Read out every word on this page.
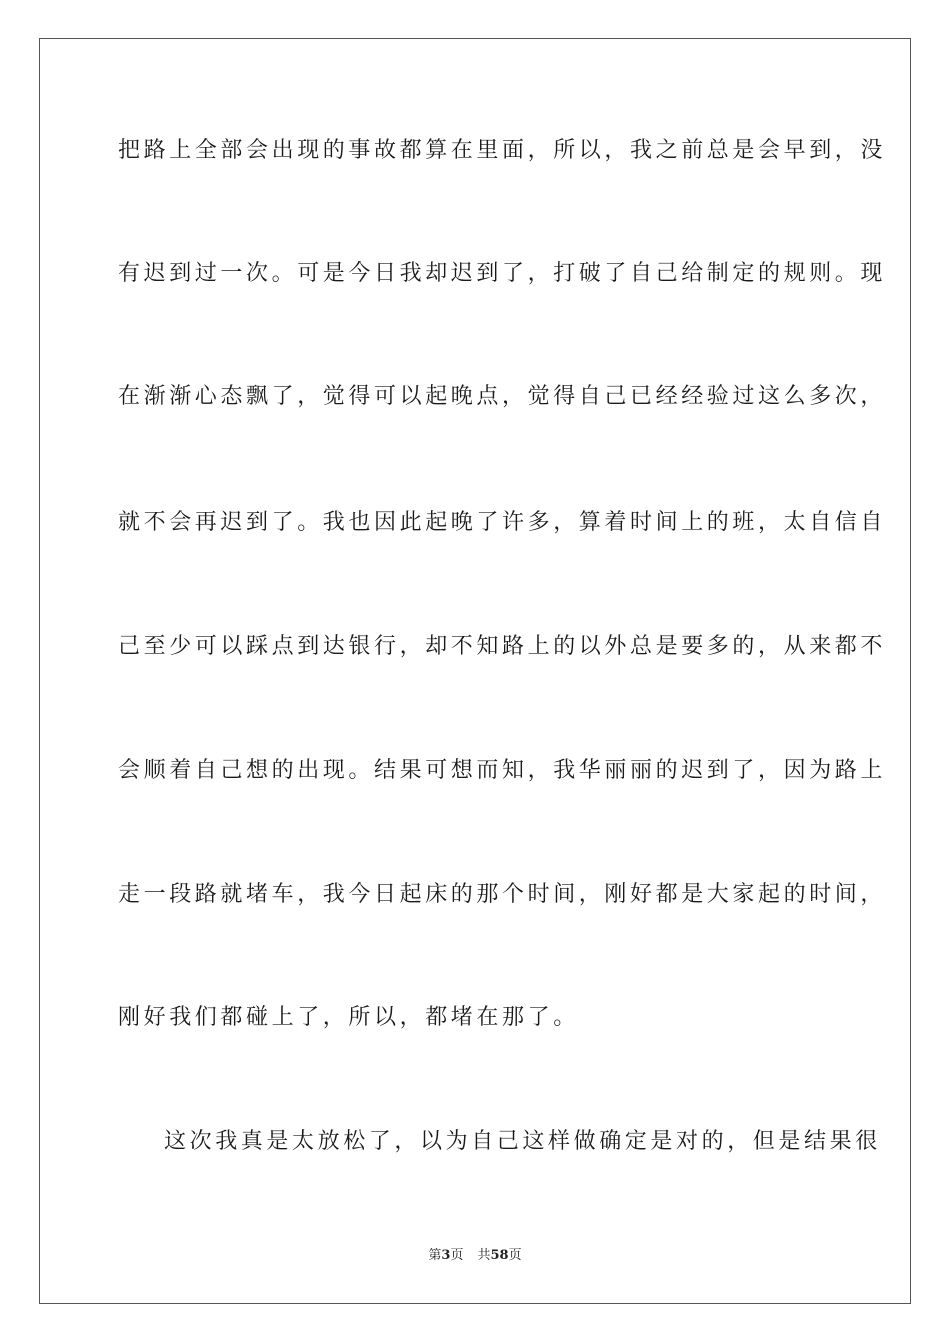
把路上全部会出现的事故都算在里面，所以，我之前总是会早到，没
有迟到过一次。可是今日我却迟到了，打破了自己给制定的规则。现
在渐渐心态飘了，觉得可以起晚点，觉得自己已经经验过这么多次，
就不会再迟到了。我也因此起晚了许多，算着时间上的班，太自信自
己至少可以踩点到达银行，却不知路上的以外总是要多的，从来都不
会顺着自己想的出现。结果可想而知，我华丽丽的迟到了，因为路上
走一段路就堵车，我今日起床的那个时间，刚好都是大家起的时间，
刚好我们都碰上了，所以，都堵在那了。
这次我真是太放松了，以为自己这样做确定是对的，但是结果很
第3页 共58页
